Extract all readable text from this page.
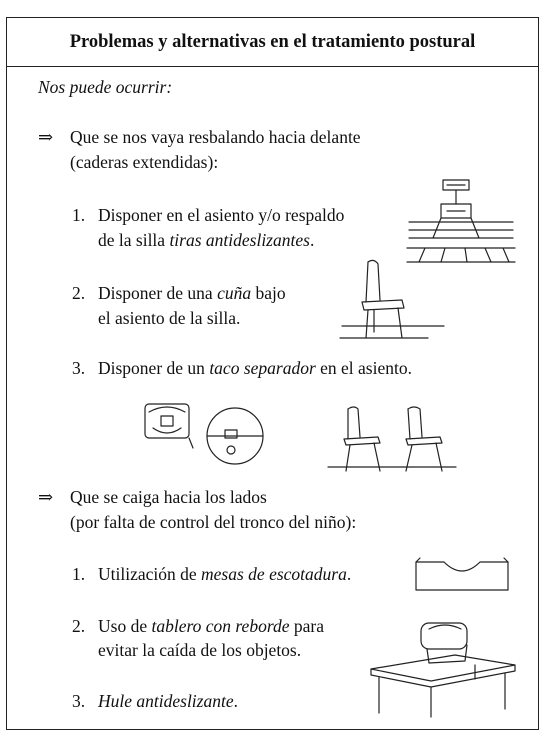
Problemas y alternativas en el tratamiento postural
Nos puede ocurrir:
⇒ Que se nos vaya resbalando hacia delante
(caderas extendidas):
1. Disponer en el asiento y/o respaldo
de la silla tiras antideslizantes.
2. Disponer de una cuña bajo
el asiento de la silla.
3. Disponer de un taco separador en el asiento.
⇒ Que se caiga hacia los lados
(por falta de control del tronco del niño):
1. Utilización de mesas de escotadura.
2. Uso de tablero con reborde para
evitar la caída de los objetos.
3. Hule antideslizante.
